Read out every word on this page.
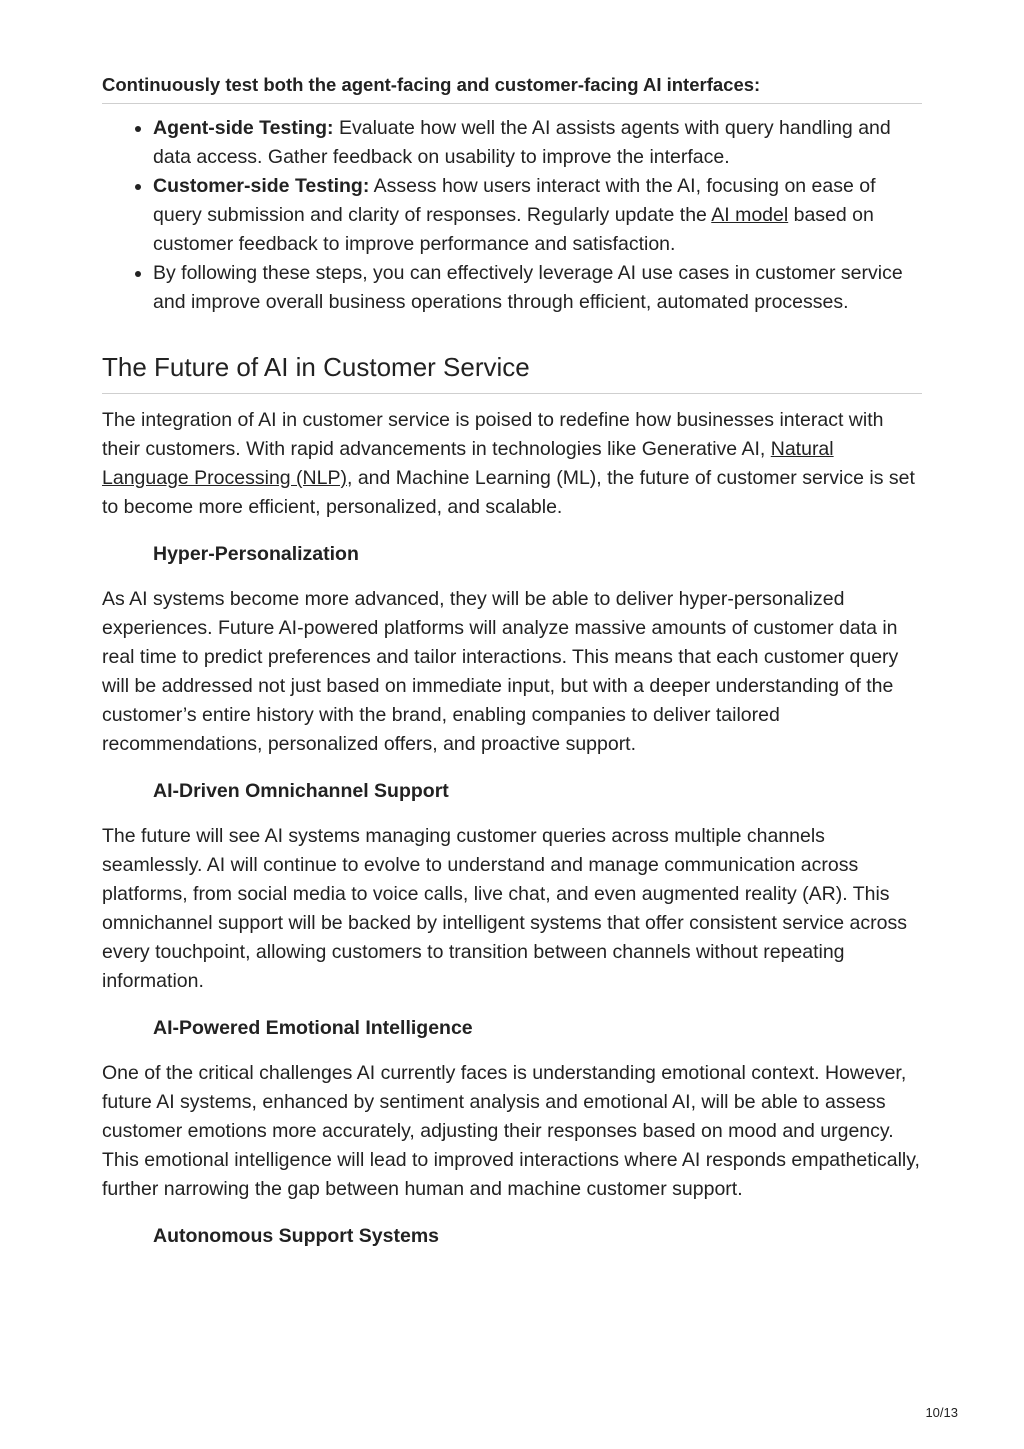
Continuously test both the agent-facing and customer-facing AI interfaces:

Agent-side Testing: Evaluate how well the AI assists agents with query handling and data access. Gather feedback on usability to improve the interface.
Customer-side Testing: Assess how users interact with the AI, focusing on ease of query submission and clarity of responses. Regularly update the AI model based on customer feedback to improve performance and satisfaction.
By following these steps, you can effectively leverage AI use cases in customer service and improve overall business operations through efficient, automated processes.
The Future of AI in Customer Service

The integration of AI in customer service is poised to redefine how businesses interact with their customers. With rapid advancements in technologies like Generative AI, Natural Language Processing (NLP), and Machine Learning (ML), the future of customer service is set to become more efficient, personalized, and scalable.

Hyper-Personalization

As AI systems become more advanced, they will be able to deliver hyper-personalized experiences. Future AI-powered platforms will analyze massive amounts of customer data in real time to predict preferences and tailor interactions. This means that each customer query will be addressed not just based on immediate input, but with a deeper understanding of the customer’s entire history with the brand, enabling companies to deliver tailored recommendations, personalized offers, and proactive support.

AI-Driven Omnichannel Support

The future will see AI systems managing customer queries across multiple channels seamlessly. AI will continue to evolve to understand and manage communication across platforms, from social media to voice calls, live chat, and even augmented reality (AR). This omnichannel support will be backed by intelligent systems that offer consistent service across every touchpoint, allowing customers to transition between channels without repeating information.

AI-Powered Emotional Intelligence

One of the critical challenges AI currently faces is understanding emotional context. However, future AI systems, enhanced by sentiment analysis and emotional AI, will be able to assess customer emotions more accurately, adjusting their responses based on mood and urgency. This emotional intelligence will lead to improved interactions where AI responds empathetically, further narrowing the gap between human and machine customer support.

Autonomous Support Systems
10/13
